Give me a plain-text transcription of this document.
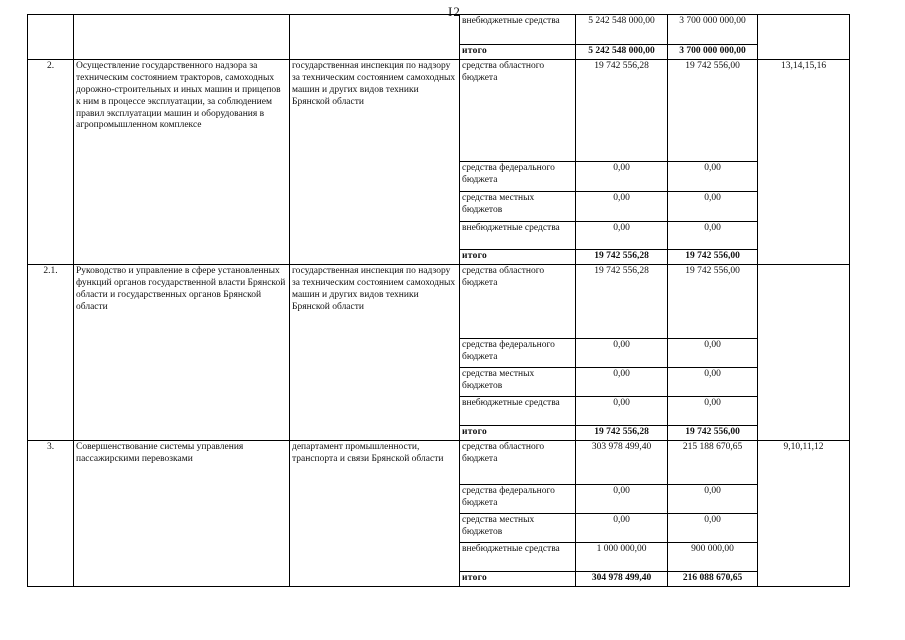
I2
			внебюджетные средства	5 242 548 000,00	3 700 000 000,00	
			итого	5 242 548 000,00	3 700 000 000,00	
2.	Осуществление государственного надзора за техническим состоянием тракторов, самоходных дорожно-строительных и иных машин и прицепов к ним в процессе эксплуатации, за соблюдением правил эксплуатации машин и оборудования в агропромышленном комплексе	государственная инспекция по надзору за техническим состоянием самоходных машин и других видов техники Брянской области	средства областного бюджета	19 742 556,28	19 742 556,00	13,14,15,16
			средства федерального бюджета	0,00	0,00	
			средства местных бюджетов	0,00	0,00	
			внебюджетные средства	0,00	0,00	
			итого	19 742 556,28	19 742 556,00	
2.1.	Руководство и управление в сфере установленных функций органов государственной власти Брянской области и государственных органов Брянской области	государственная инспекция по надзору за техническим состоянием самоходных машин и других видов техники Брянской области	средства областного бюджета	19 742 556,28	19 742 556,00	
			средства федерального бюджета	0,00	0,00	
			средства местных бюджетов	0,00	0,00	
			внебюджетные средства	0,00	0,00	
			итого	19 742 556,28	19 742 556,00	
3.	Совершенствование системы управления пассажирскими перевозками	департамент промышленности, транспорта и связи Брянской области	средства областного бюджета	303 978 499,40	215 188 670,65	9,10,11,12
			средства федерального бюджета	0,00	0,00	
			средства местных бюджетов	0,00	0,00	
			внебюджетные средства	1 000 000,00	900 000,00	
			итого	304 978 499,40	216 088 670,65	
